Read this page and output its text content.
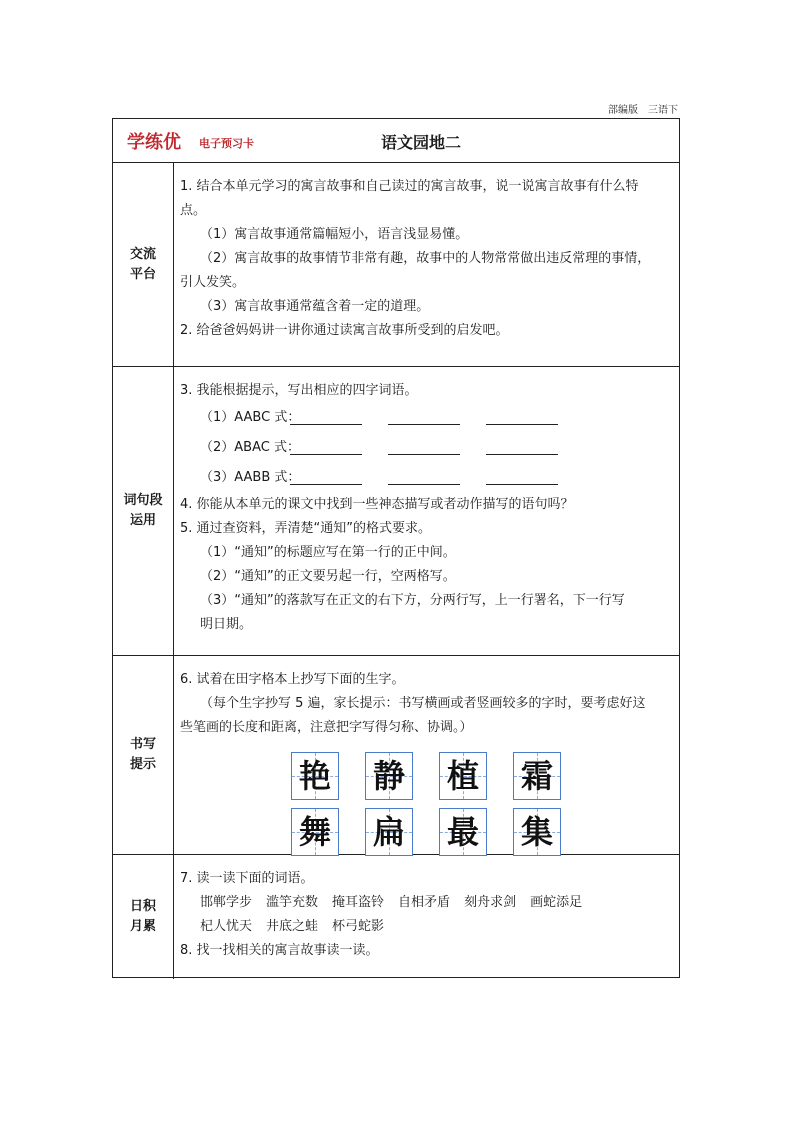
部编版 三语下
学练优 电子预习卡	语文园地二
交流
平台
1. 结合本单元学习的寓言故事和自己读过的寓言故事，说一说寓言故事有什么特
点。
（1）寓言故事通常篇幅短小，语言浅显易懂。
（2）寓言故事的故事情节非常有趣，故事中的人物常常做出违反常理的事情，
引人发笑。
（3）寓言故事通常蕴含着一定的道理。
2. 给爸爸妈妈讲一讲你通过读寓言故事所受到的启发吧。
词句段
运用
3. 我能根据提示，写出相应的四字词语。
（1）AABC 式：
（2）ABAC 式：
（3）AABB 式：
4. 你能从本单元的课文中找到一些神态描写或者动作描写的语句吗？
5. 通过查资料，弄清楚“通知”的格式要求。
（1）“通知”的标题应写在第一行的正中间。
（2）“通知”的正文要另起一行，空两格写。
（3）“通知”的落款写在正文的右下方，分两行写，上一行署名，下一行写
明日期。
书写
提示
6. 试着在田字格本上抄写下面的生字。
（每个生字抄写 5 遍，家长提示：书写横画或者竖画较多的字时，要考虑好这
些笔画的长度和距离，注意把字写得匀称、协调。）
艳 静 植 霜
舞 扁 最 集
日积
月累
7. 读一读下面的词语。
邯郸学步 滥竽充数 掩耳盗铃 自相矛盾 刻舟求剑 画蛇添足
杞人忧天 井底之蛙 杯弓蛇影
8. 找一找相关的寓言故事读一读。
